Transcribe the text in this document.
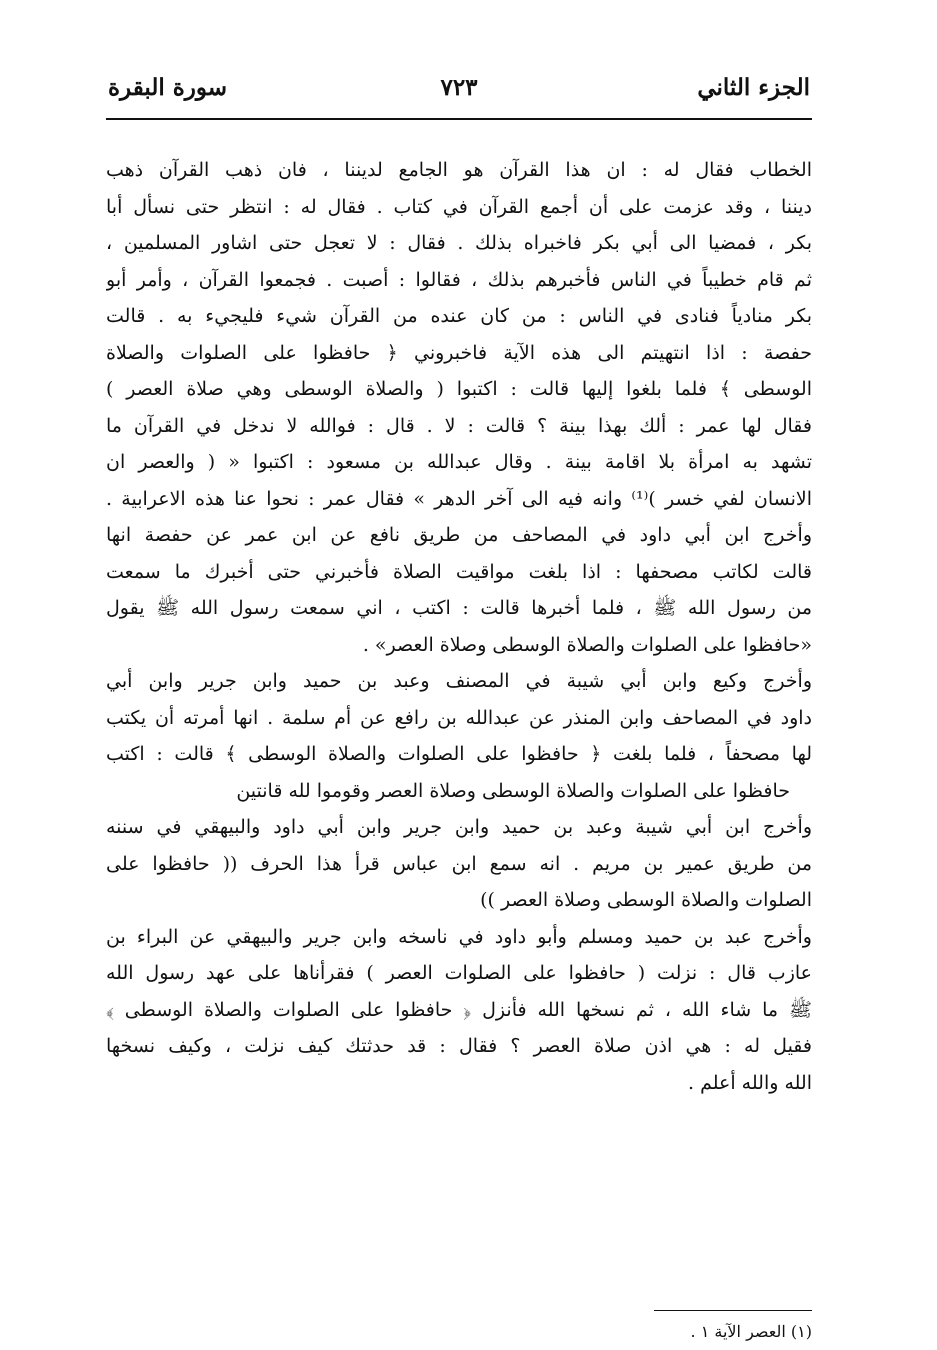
الجزء الثاني
٧٢٣
سورة البقرة
الخطاب فقال له : ان هذا القرآن هو الجامع لديننا ، فان ذهب القرآن ذهب
ديننا ، وقد عزمت على أن أجمع القرآن في كتاب . فقال له : انتظر حتى نسأل أبا
بكر ، فمضيا الى أبي بكر فاخبراه بذلك . فقال : لا تعجل حتى اشاور المسلمين ،
ثم قام خطيباً في الناس فأخبرهم بذلك ، فقالوا : أصبت . فجمعوا القرآن ، وأمر أبو
بكر منادياً فنادى في الناس : من كان عنده من القرآن شيء فليجيء به . قالت
حفصة : اذا انتهيتم الى هذه الآية فاخبروني ﴿ حافظوا على الصلوات والصلاة
الوسطى ﴾ فلما بلغوا إليها قالت : اكتبوا ( والصلاة الوسطى وهي صلاة العصر )
فقال لها عمر : ألك بهذا بينة ؟ قالت : لا . قال : فوالله لا ندخل في القرآن ما
تشهد به امرأة بلا اقامة بينة . وقال عبدالله بن مسعود : اكتبوا « ( والعصر ان
الانسان لفي خسر )⁽¹⁾ وانه فيه الى آخر الدهر » فقال عمر : نحوا عنا هذه الاعرابية .
وأخرج ابن أبي داود في المصاحف من طريق نافع عن ابن عمر عن حفصة انها
قالت لكاتب مصحفها : اذا بلغت مواقيت الصلاة فأخبرني حتى أخبرك ما سمعت
من رسول الله ﷺ ، فلما أخبرها قالت : اكتب ، اني سمعت رسول الله ﷺ يقول
«حافظوا على الصلوات والصلاة الوسطى وصلاة العصر» .
وأخرج وكيع وابن أبي شيبة في المصنف وعبد بن حميد وابن جرير وابن أبي
داود في المصاحف وابن المنذر عن عبدالله بن رافع عن أم سلمة . انها أمرته أن يكتب
لها مصحفاً ، فلما بلغت ﴿ حافظوا على الصلوات والصلاة الوسطى ﴾ قالت : اكتب
حافظوا على الصلوات والصلاة الوسطى وصلاة العصر وقوموا لله قانتين
وأخرج ابن أبي شيبة وعبد بن حميد وابن جرير وابن أبي داود والبيهقي في سننه
من طريق عمير بن مريم . انه سمع ابن عباس قرأ هذا الحرف (( حافظوا على
الصلوات والصلاة الوسطى وصلاة العصر ))
وأخرج عبد بن حميد ومسلم وأبو داود في ناسخه وابن جرير والبيهقي عن البراء بن
عازب قال : نزلت ( حافظوا على الصلوات العصر ) فقرأناها على عهد رسول الله
ﷺ ما شاء الله ، ثم نسخها الله فأنزل ﴿ حافظوا على الصلوات والصلاة الوسطى ﴾
فقيل له : هي اذن صلاة العصر ؟ فقال : قد حدثتك كيف نزلت ، وكيف نسخها
الله والله أعلم .
(١) العصر الآية ١ .
